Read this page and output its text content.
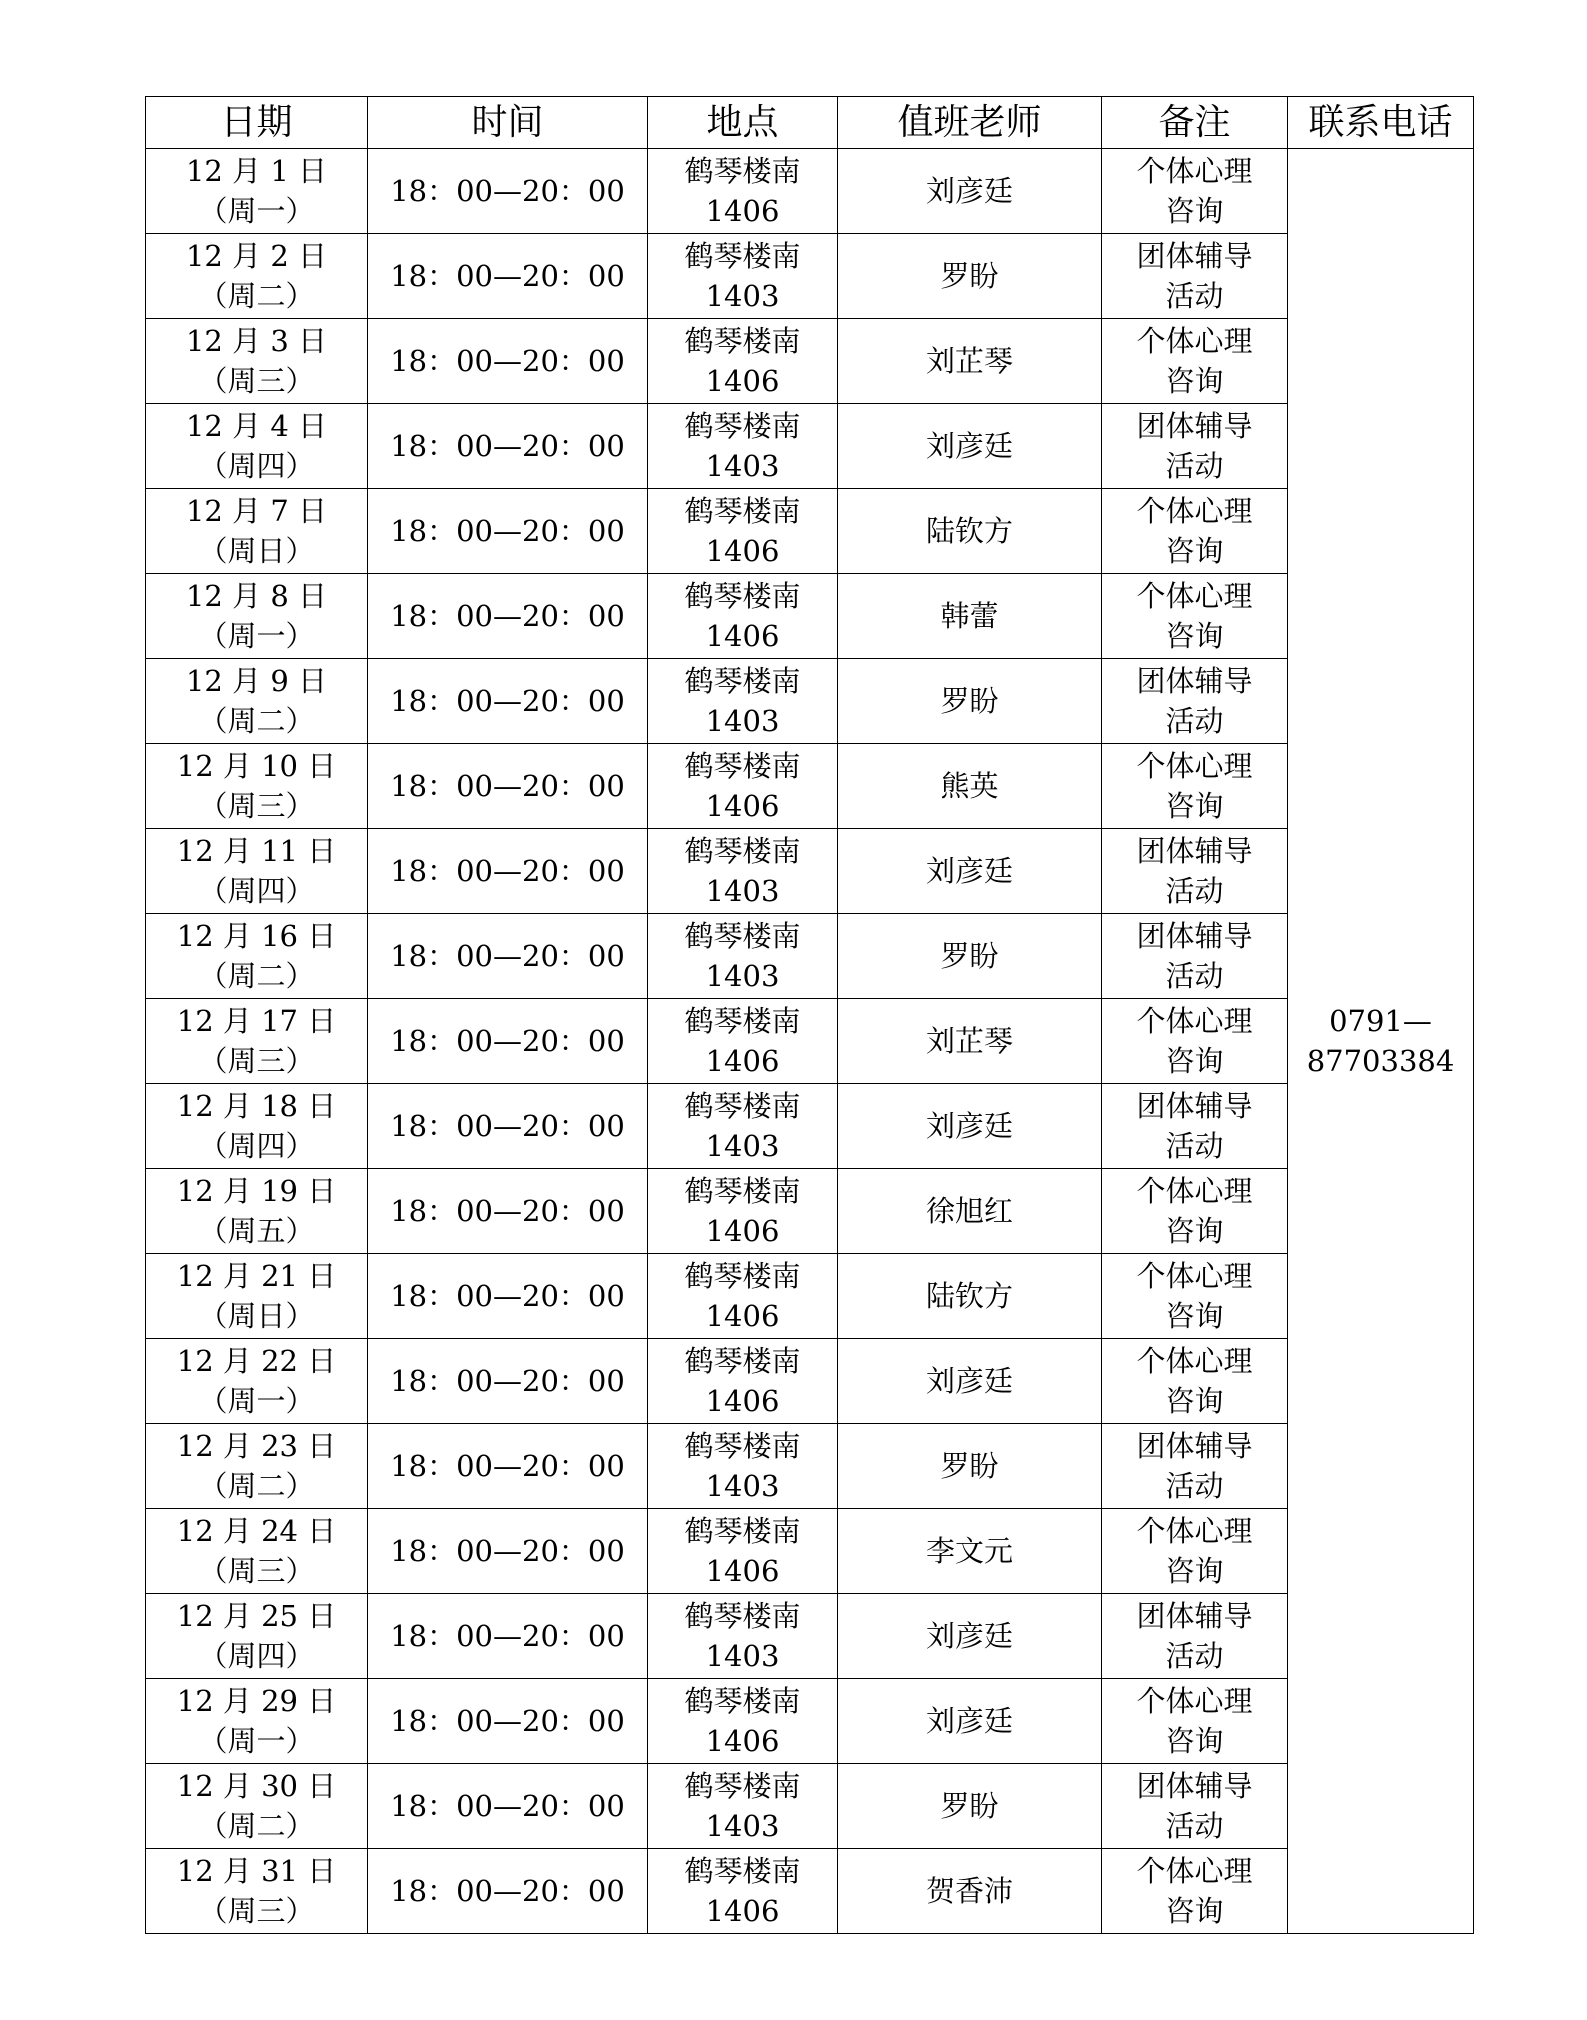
日期	时间	地点	值班老师	备注	联系电话

12 月 1 日
（周一）	18：00—20：00	鹤琴楼南
1406	刘彦廷	个体心理
咨询	0791—
87703384

12 月 2 日
（周二）	18：00—20：00	鹤琴楼南
1403	罗盼	团体辅导
活动	

12 月 3 日
（周三）	18：00—20：00	鹤琴楼南
1406	刘芷琴	个体心理
咨询	

12 月 4 日
（周四）	18：00—20：00	鹤琴楼南
1403	刘彦廷	团体辅导
活动	

12 月 7 日
（周日）	18：00—20：00	鹤琴楼南
1406	陆钦方	个体心理
咨询	

12 月 8 日
（周一）	18：00—20：00	鹤琴楼南
1406	韩蕾	个体心理
咨询	

12 月 9 日
（周二）	18：00—20：00	鹤琴楼南
1403	罗盼	团体辅导
活动	

12 月 10 日
（周三）	18：00—20：00	鹤琴楼南
1406	熊英	个体心理
咨询	

12 月 11 日
（周四）	18：00—20：00	鹤琴楼南
1403	刘彦廷	团体辅导
活动	

12 月 16 日
（周二）	18：00—20：00	鹤琴楼南
1403	罗盼	团体辅导
活动	

12 月 17 日
（周三）	18：00—20：00	鹤琴楼南
1406	刘芷琴	个体心理
咨询	

12 月 18 日
（周四）	18：00—20：00	鹤琴楼南
1403	刘彦廷	团体辅导
活动	

12 月 19 日
（周五）	18：00—20：00	鹤琴楼南
1406	徐旭红	个体心理
咨询	

12 月 21 日
（周日）	18：00—20：00	鹤琴楼南
1406	陆钦方	个体心理
咨询	

12 月 22 日
（周一）	18：00—20：00	鹤琴楼南
1406	刘彦廷	个体心理
咨询	

12 月 23 日
（周二）	18：00—20：00	鹤琴楼南
1403	罗盼	团体辅导
活动	

12 月 24 日
（周三）	18：00—20：00	鹤琴楼南
1406	李文元	个体心理
咨询	

12 月 25 日
（周四）	18：00—20：00	鹤琴楼南
1403	刘彦廷	团体辅导
活动	

12 月 29 日
（周一）	18：00—20：00	鹤琴楼南
1406	刘彦廷	个体心理
咨询	

12 月 30 日
（周二）	18：00—20：00	鹤琴楼南
1403	罗盼	团体辅导
活动	

12 月 31 日
（周三）	18：00—20：00	鹤琴楼南
1406	贺香沛	个体心理
咨询	
